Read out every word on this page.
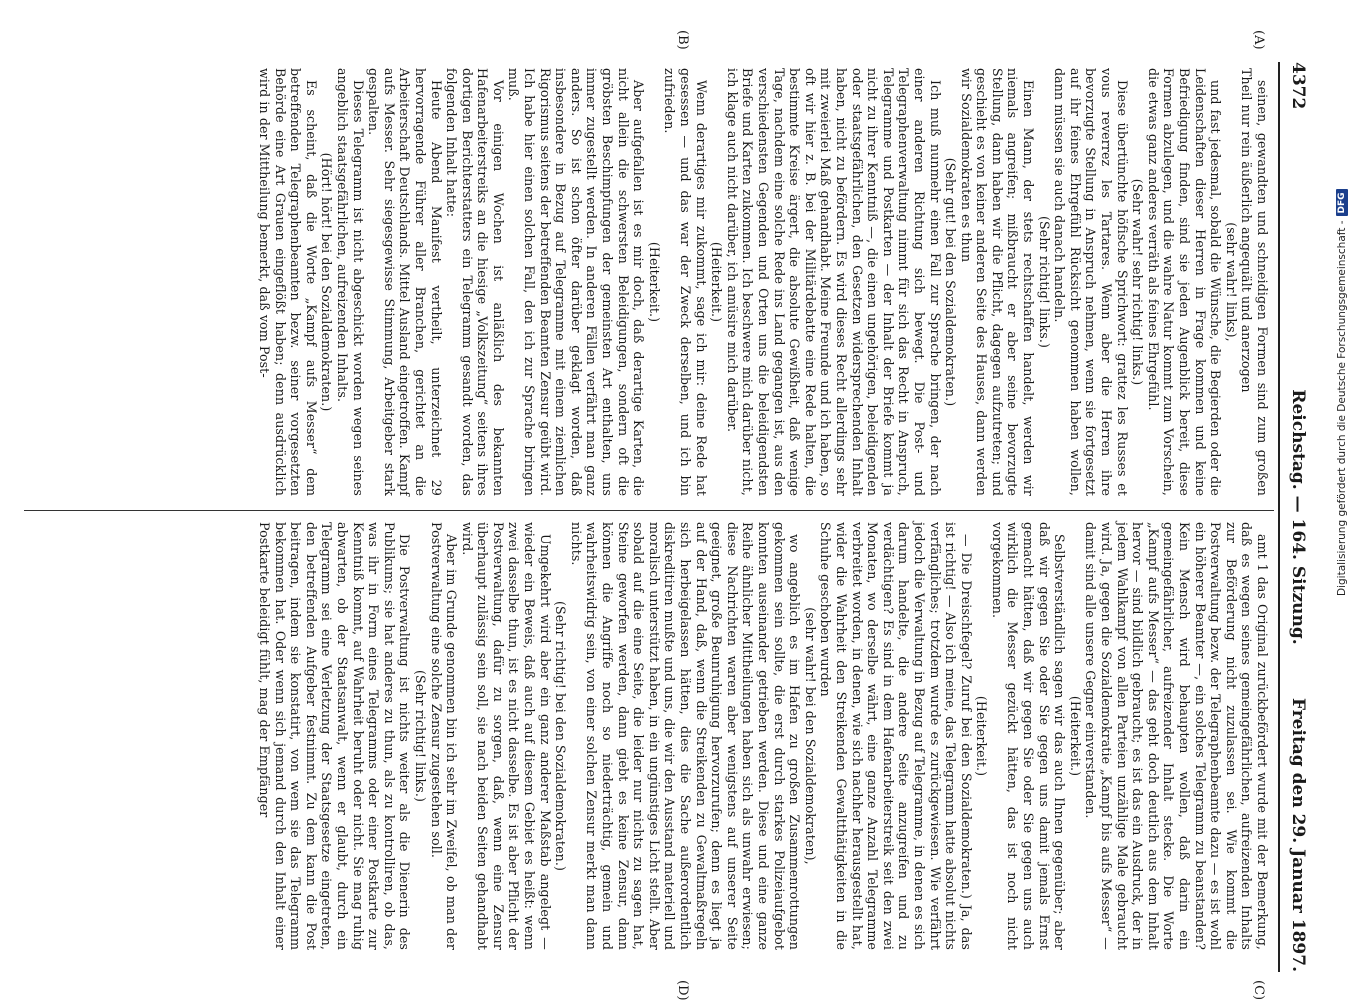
4372
Reichstag. — 164. Sitzung.
Freitag den 29. Januar 1897.
(A)
(B)
(C)
(D)

seinen, gewandten und schneidigen Formen sind zum großen Theil nur rein äußerlich angequält und anerzogen

(sehr wahr! links),

und fast jedesmal, sobald die Wünsche, die Begierden oder die Leidenschaften dieser Herren in Frage kommen und keine Befriedigung finden, sind sie jeden Augenblick bereit, diese Formen abzulegen, und die wahre Natur kommt zum Vorschein, die etwas ganz anderes verräth als feines Ehrgefühl.

(Sehr wahr! sehr richtig! links.)

Diese übertünchte höfische Sprichwort: grattez les Russes et vous reverrez les Tartares. Wenn aber die Herren ihre bevorzugte Stellung in Anspruch nehmen, wenn sie fortgesetzt auf ihr feines Ehrgefühl Rücksicht genommen haben wollen, dann müssen sie auch danach handeln.

(Sehr richtig! links.)

Einen Mann, der stets rechtschaffen handelt, werden wir niemals angreifen; mißbraucht er aber seine bevorzugte Stellung, dann haben wir die Pflicht, dagegen aufzutreten; und geschieht es von keiner anderen Seite des Hauses, dann werden wir Sozialdemokraten es thun

(Sehr gut! bei den Sozialdemokraten.)

Ich muß nunmehr einen Fall zur Sprache bringen, der nach einer anderen Richtung sich bewegt. Die Post- und Telegraphenverwaltung nimmt für sich das Recht in Anspruch, Telegramme und Postkarten — der Inhalt der Briefe kommt ja nicht zu ihrer Kenntniß —, die einen ungehörigen, beleidigenden oder staatsgefährlichen, den Gesetzen widersprechenden Inhalt haben, nicht zu befördern. Es wird dieses Recht allerdings sehr mit zweierlei Maß gehandhabt. Meine Freunde und ich haben, so oft wir hier z. B. bei der Militärdebatte eine Rede halten, die bestimmte Kreise ärgert, die absolute Gewißheit, daß wenige Tage, nachdem eine solche Rede ins Land gegangen ist, aus den verschiedensten Gegenden und Orten uns die beleidigendsten Briefe und Karten zukommen. Ich beschwere mich darüber nicht, ich klage auch nicht darüber, ich amüsire mich darüber.

(Heiterkeit.)

Wenn derartiges mir zukommt, sage ich mir: deine Rede hat gesessen — und das war der Zweck derselben, und ich bin zufrieden.

(Heiterkeit.)

Aber aufgefallen ist es mir doch, daß derartige Karten, die nicht allein die schwersten Beleidigungen, sondern oft die gröbsten Beschimpfungen der gemeinsten Art enthalten, uns immer zugestellt werden. In anderen Fällen verfährt man ganz anders. So ist schon öfter darüber geklagt worden, daß insbesondere in Bezug auf Telegramme mit einem ziemlichen Rigorismus seitens der betreffenden Beamten Zensur geübt wird. Ich habe hier einen solchen Fall, den ich zur Sprache bringen muß.

Vor einigen Wochen ist anläßlich des bekannten Hafenarbeiterstreiks an die hiesige „Volkszeitung“ seitens ihres dortigen Berichterstatters ein Telegramm gesandt worden, das folgenden Inhalt hatte:

Heute Abend Manifest vertheilt, unterzeichnet 29 hervorragende Führer aller Branchen, gerichtet an die Arbeiterschaft Deutschlands. Mittel Ausland eingetroffen. Kampf aufs Messer. Sehr siegesgewisse Stimmung, Arbeitgeber stark gespalten.

Dieses Telegramm ist nicht abgeschickt worden wegen seines angeblich staatsgefährlichen, aufreizenden Inhalts.

(Hört! hört! bei den Sozialdemokraten.)

Es scheint, daß die Worte „Kampf aufs Messer“ dem betreffenden Telegraphenbeamten bezw. seiner vorgesetzten Behörde eine Art Grauen eingeflößt haben; denn ausdrücklich wird in der Mittheilung bemerkt, daß vom Post-

amt 1 das Original zurückbefördert wurde mit der Bemerkung, daß es wegen seines gemeingefährlichen, aufreizenden Inhalts zur Beförderung nicht zuzulassen sei. Wie kommt die Postverwaltung bezw. der Telegraphenbeamte dazu — es ist wohl ein höherer Beamter —, ein solches Telegramm zu beanstanden? Kein Mensch wird behaupten wollen, daß darin ein gemeingefährlicher, aufreizender Inhalt stecke. Die Worte „Kampf aufs Messer“ — das geht doch deutlich aus dem Inhalt hervor — sind bildlich gebraucht; es ist das ein Ausdruck, der in jedem Wahlkampf von allen Parteien unzählige Male gebraucht wird. Ja, gegen die Sozialdemokratie „Kampf bis aufs Messer“ — damit sind alle unsere Gegner einverstanden.

(Heiterkeit.)

Selbstverständlich sagen wir das auch Ihnen gegenüber; aber daß wir gegen Sie oder Sie gegen uns damit jemals Ernst gemacht hätten, daß wir gegen Sie oder Sie gegen uns auch wirklich die Messer gezückt hätten, das ist noch nicht vorgekommen.

(Heiterkeit.)

— Die Dreischfegel? Zuruf bei den Sozialdemokraten.) Ja, das ist richtig! — Also ich meine, das Telegramm hatte absolut nichts verfängliches; trotzdem wurde es zurückgewiesen. Wie verfährt jedoch die Verwaltung in Bezug auf Telegramme, in denen es sich darum handelte, die andere Seite anzugreifen und zu verdächtigen? Es sind in dem Hafenarbeiterstreik seit den zwei Monaten, wo derselbe währt, eine ganze Anzahl Telegramme verbreitet worden, in denen, wie sich nachher herausgestellt hat, wider die Wahrheit den Streikenden Gewaltthätigkeiten in die Schuhe geschoben wurden

(sehr wahr! bei den Sozialdemokraten),

wo angeblich es im Hafen zu großen Zusammenrottungen gekommen sein sollte, die erst durch starkes Polizeiaufgebot konnten auseinander getrieben werden. Diese und eine ganze Reihe ähnlicher Mittheilungen haben sich als unwahr erwiesen; diese Nachrichten waren aber wenigstens auf unserer Seite geeignet, große Beunruhigung hervorzurufen; denn es liegt ja auf der Hand, daß, wenn die Streikenden zu Gewaltmaßregeln sich herbeigelassen hätten, dies die Sache außerordentlich diskreditiren mußte und uns, die wir den Ausstand materiell und moralisch unterstützt haben, in ein ungünstiges Licht stellt. Aber sobald auf die eine Seite, die leider nur nichts zu sagen hat, Steine geworfen werden, dann giebt es keine Zensur, dann können die Angriffe noch so niederträchtig, gemein und wahrheitswidrig sein, von einer solchen Zensur merkt man dann nichts.

(Sehr richtig! bei den Sozialdemokraten.)

Umgekehrt wird aber ein ganz anderer Maßstab angelegt — wieder ein Beweis, daß auch auf diesem Gebiet es heißt: wenn zwei dasselbe thun, ist es nicht dasselbe. Es ist aber Pflicht der Postverwaltung, dafür zu sorgen, daß, wenn eine Zensur überhaupt zulässig sein soll, sie nach beiden Seiten gehandhabt wird.

Aber im Grunde genommen bin ich sehr im Zweifel, ob man der Postverwaltung eine solche Zensur zugestehen soll.

(Sehr richtig! links.)

Die Postverwaltung ist nichts weiter als die Dienerin des Publikums; sie hat anderes zu thun, als zu kontrolliren, ob das, was ihr in Form eines Telegramms oder einer Postkarte zur Kenntniß kommt, auf Wahrheit beruht oder nicht. Sie mag ruhig abwarten, ob der Staatsanwalt, wenn er glaubt, durch ein Telegramm sei eine Verletzung der Staatsgesetze eingetreten, den betreffenden Aufgeber festnimmt. Zu dem kann die Post beitragen, indem sie konstatirt, von wem sie das Telegramm bekommen hat. Oder wenn sich jemand durch den Inhalt einer Postkarte beleidigt fühlt, mag der Empfänger

Digitalisierung gefördert durch die Deutsche Forschungsgemeinschaft -
DFG
